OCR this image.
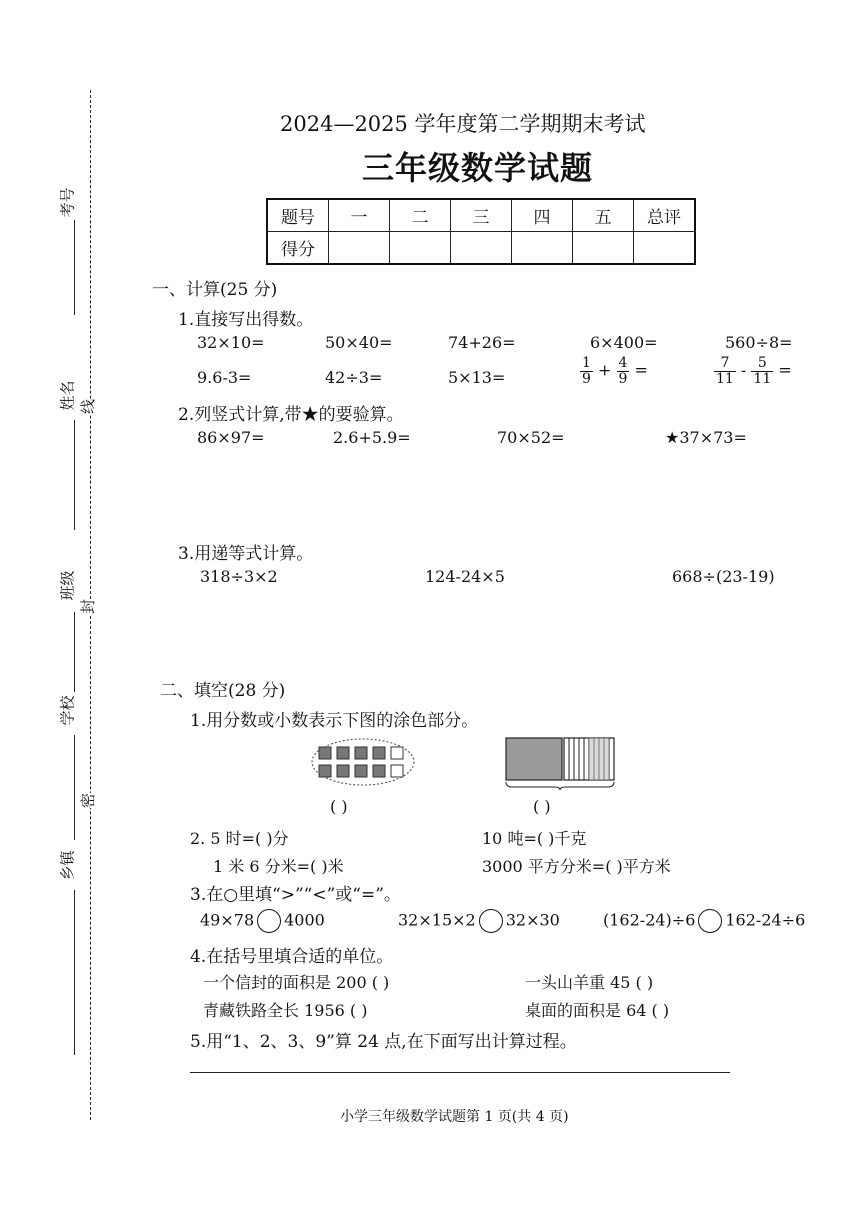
考号
姓名
班级
学校
乡镇
线
封
密
2024—2025 学年度第二学期期末考试
三年级数学试题
题号	一	二	三	四	五	总评
得分						
一、计算(25 分)
1.直接写出得数。
32×10=	50×40=	74+26=	6×400=	560÷8=
9.6-3=	42÷3=	5×13=	$\frac{1}{9} + \frac{4}{9}$ =	$\frac{7}{11} - \frac{5}{11}$ =
2.列竖式计算,带★的要验算。
86×97=	2.6+5.9=	70×52=	★37×73=
3.用递等式计算。
318÷3×2	124-24×5	668÷(23-19)
二、填空(28 分)
1.用分数或小数表示下图的涂色部分。
( )	( )
2. 5 时=( )分	10 吨=( )千克
1 米 6 分米=( )米	3000 平方分米=( )平方米
3.在○里填“>”“<”或“=”。
49×78 4000	32×15×2 32×30	(162-24)÷6 162-24÷6
4.在括号里填合适的单位。
一个信封的面积是 200 ( )	一头山羊重 45 ( )
青藏铁路全长 1956 ( )	桌面的面积是 64 ( )
5.用“1、2、3、9”算 24 点,在下面写出计算过程。
小学三年级数学试题第 1 页(共 4 页)
